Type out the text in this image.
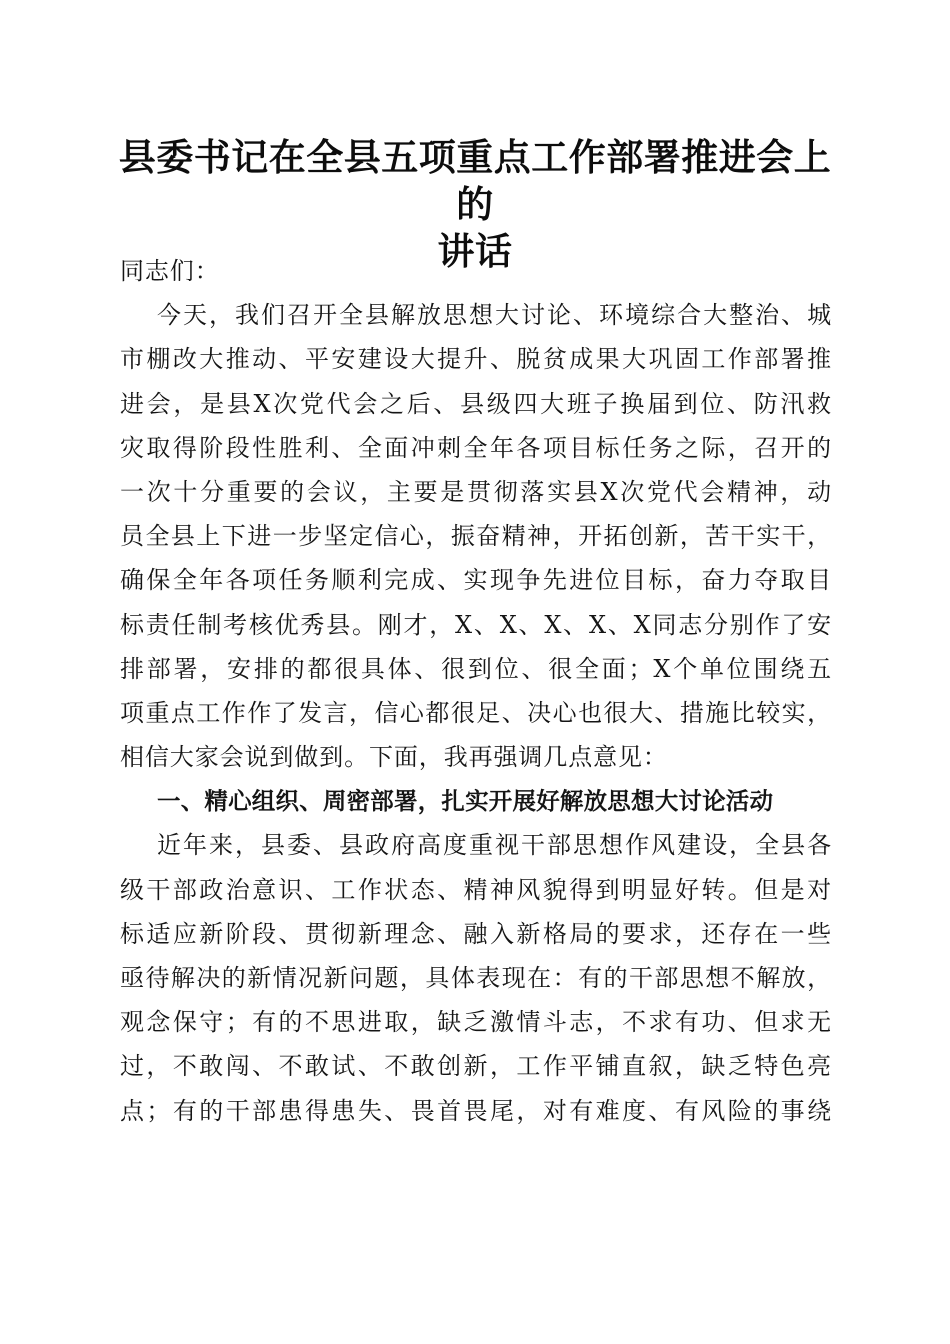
县委书记在全县五项重点工作部署推进会上的
讲话
同志们：
今天，我们召开全县解放思想大讨论、环境综合大整治、城
市棚改大推动、平安建设大提升、脱贫成果大巩固工作部署推
进会，是县X次党代会之后、县级四大班子换届到位、防汛救
灾取得阶段性胜利、全面冲刺全年各项目标任务之际，召开的
一次十分重要的会议，主要是贯彻落实县X次党代会精神，动
员全县上下进一步坚定信心，振奋精神，开拓创新，苦干实干，
确保全年各项任务顺利完成、实现争先进位目标，奋力夺取目
标责任制考核优秀县。刚才，X、X、X、X、X同志分别作了安
排部署，安排的都很具体、很到位、很全面；X个单位围绕五
项重点工作作了发言，信心都很足、决心也很大、措施比较实，
相信大家会说到做到。下面，我再强调几点意见：
一、精心组织、周密部署，扎实开展好解放思想大讨论活动
近年来，县委、县政府高度重视干部思想作风建设，全县各
级干部政治意识、工作状态、精神风貌得到明显好转。但是对
标适应新阶段、贯彻新理念、融入新格局的要求，还存在一些
亟待解决的新情况新问题，具体表现在：有的干部思想不解放，
观念保守；有的不思进取，缺乏激情斗志，不求有功、但求无
过，不敢闯、不敢试、不敢创新，工作平铺直叙，缺乏特色亮
点；有的干部患得患失、畏首畏尾，对有难度、有风险的事绕
